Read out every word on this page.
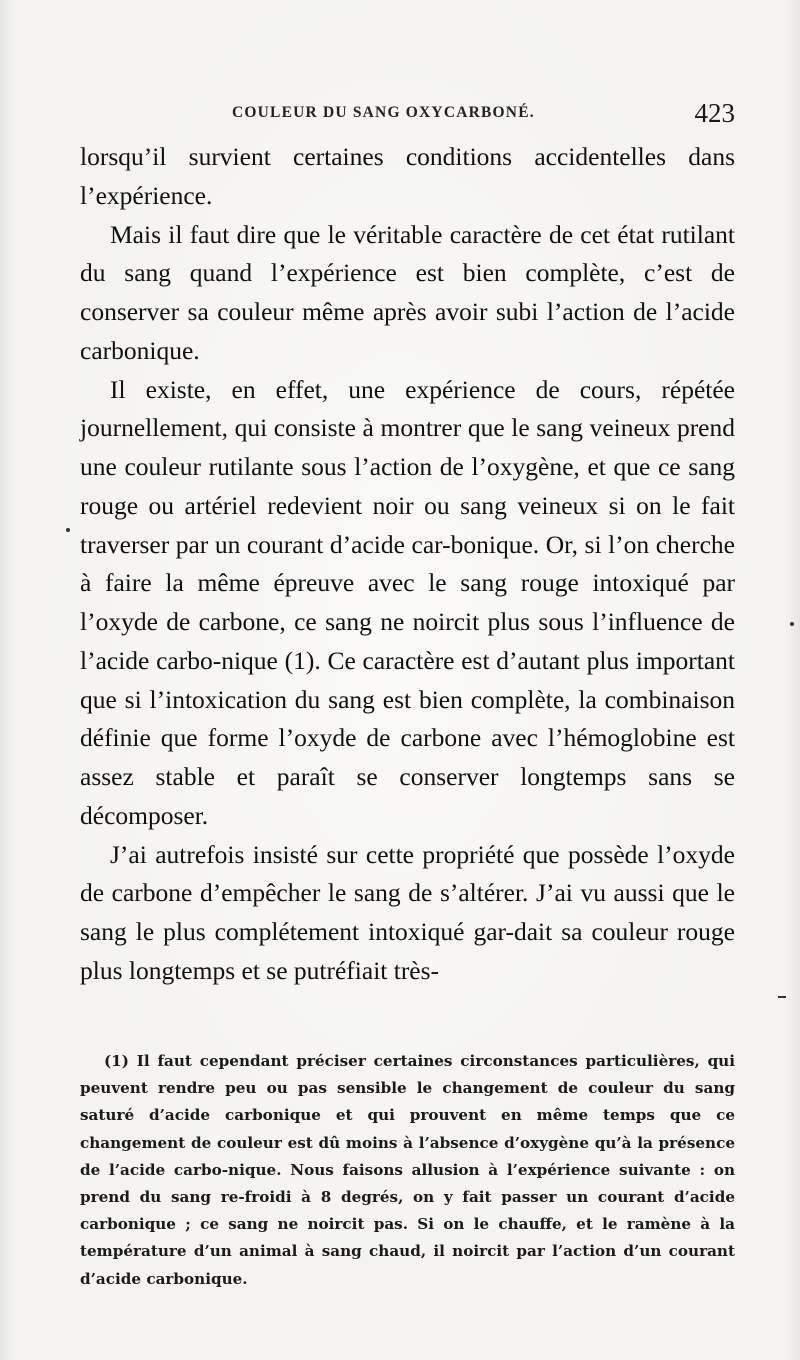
COULEUR DU SANG OXYCARBONÉ.	423

lorsqu’il survient certaines conditions accidentelles dans l’expérience.

Mais il faut dire que le véritable caractère de cet état rutilant du sang quand l’expérience est bien complète, c’est de conserver sa couleur même après avoir subi l’action de l’acide carbonique.

Il existe, en effet, une expérience de cours, répétée journellement, qui consiste à montrer que le sang veineux prend une couleur rutilante sous l’action de l’oxygène, et que ce sang rouge ou artériel redevient noir ou sang veineux si on le fait traverser par un courant d’acide car-bonique. Or, si l’on cherche à faire la même épreuve avec le sang rouge intoxiqué par l’oxyde de carbone, ce sang ne noircit plus sous l’influence de l’acide carbo-nique (1). Ce caractère est d’autant plus important que si l’intoxication du sang est bien complète, la combinaison définie que forme l’oxyde de carbone avec l’hémoglobine est assez stable et paraît se conserver longtemps sans se décomposer.

J’ai autrefois insisté sur cette propriété que possède l’oxyde de carbone d’empêcher le sang de s’altérer. J’ai vu aussi que le sang le plus complétement intoxiqué gar-dait sa couleur rouge plus longtemps et se putréfiait très-

(1) Il faut cependant préciser certaines circonstances particulières, qui peuvent rendre peu ou pas sensible le changement de couleur du sang saturé d’acide carbonique et qui prouvent en même temps que ce changement de couleur est dû moins à l’absence d’oxygène qu’à la présence de l’acide carbo-nique. Nous faisons allusion à l’expérience suivante : on prend du sang re-froidi à 8 degrés, on y fait passer un courant d’acide carbonique ; ce sang ne noircit pas. Si on le chauffe, et le ramène à la température d’un animal à sang chaud, il noircit par l’action d’un courant d’acide carbonique.
